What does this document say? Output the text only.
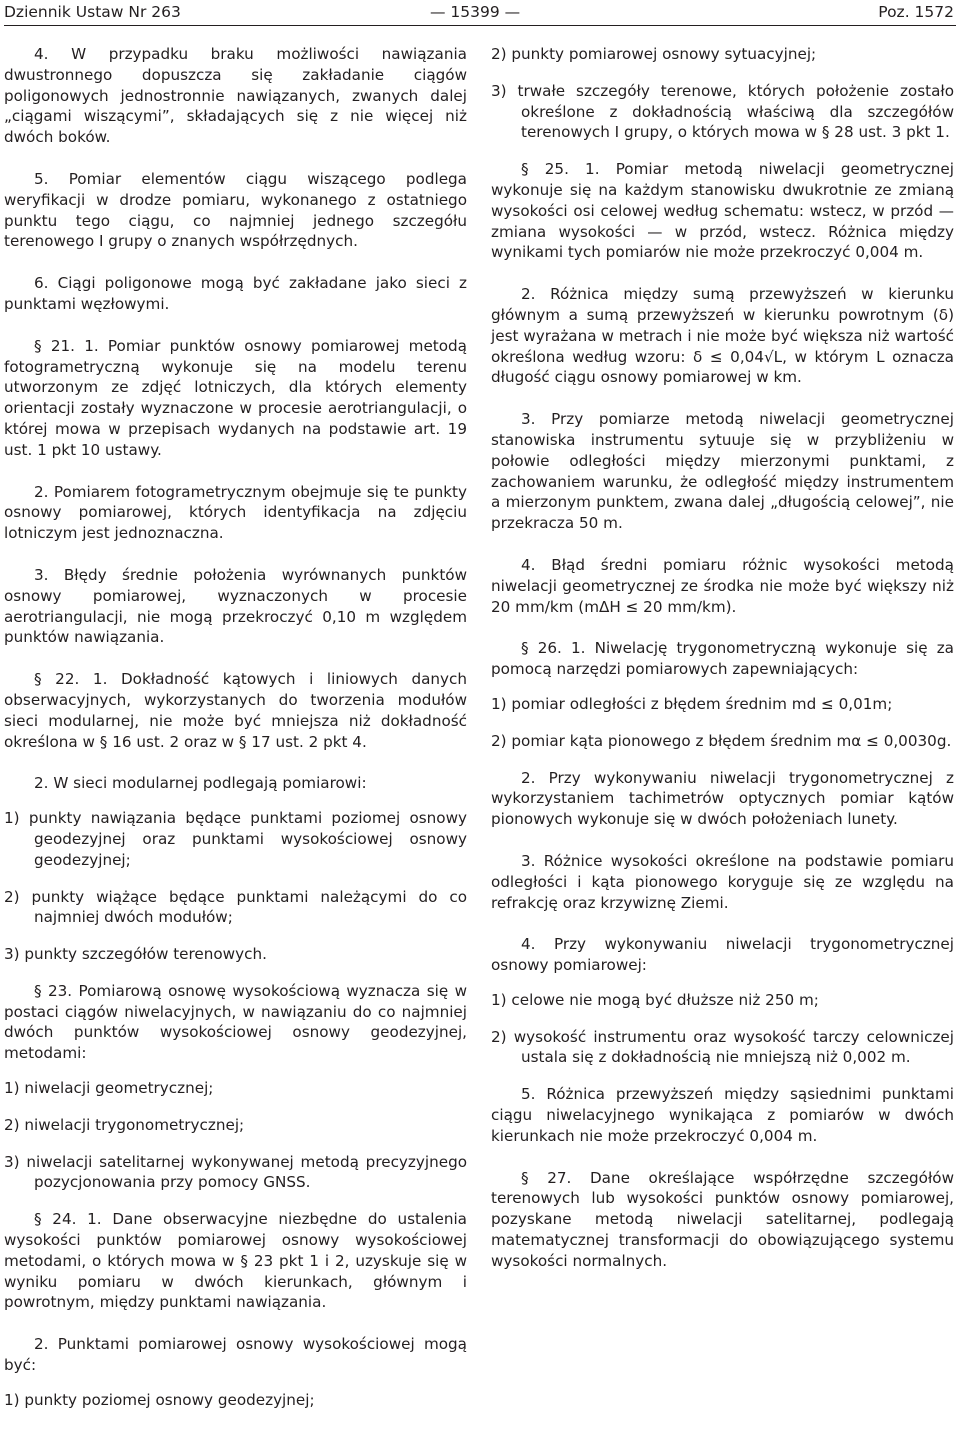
Dziennik Ustaw Nr 263	— 15399 —	Poz. 1572

4. W przypadku braku możliwości nawiązania dwustronnego dopuszcza się zakładanie ciągów poligonowych jednostronnie nawiązanych, zwanych dalej „ciągami wiszącymi”, składających się z nie więcej niż dwóch boków.

5. Pomiar elementów ciągu wiszącego podlega weryfikacji w drodze pomiaru, wykonanego z ostatniego punktu tego ciągu, co najmniej jednego szczegółu terenowego I grupy o znanych współrzędnych.

6. Ciągi poligonowe mogą być zakładane jako sieci z punktami węzłowymi.

§ 21. 1. Pomiar punktów osnowy pomiarowej metodą fotogrametryczną wykonuje się na modelu terenu utworzonym ze zdjęć lotniczych, dla których elementy orientacji zostały wyznaczone w procesie aerotriangulacji, o której mowa w przepisach wydanych na podstawie art. 19 ust. 1 pkt 10 ustawy.

2. Pomiarem fotogrametrycznym obejmuje się te punkty osnowy pomiarowej, których identyfikacja na zdjęciu lotniczym jest jednoznaczna.

3. Błędy średnie położenia wyrównanych punktów osnowy pomiarowej, wyznaczonych w procesie aerotriangulacji, nie mogą przekroczyć 0,10 m względem punktów nawiązania.

§ 22. 1. Dokładność kątowych i liniowych danych obserwacyjnych, wykorzystanych do tworzenia modułów sieci modularnej, nie może być mniejsza niż dokładność określona w § 16 ust. 2 oraz w § 17 ust. 2 pkt 4.

2. W sieci modularnej podlegają pomiarowi:

1) punkty nawiązania będące punktami poziomej osnowy geodezyjnej oraz punktami wysokościowej osnowy geodezyjnej;

2) punkty wiążące będące punktami należącymi do co najmniej dwóch modułów;

3) punkty szczegółów terenowych.

§ 23. Pomiarową osnowę wysokościową wyznacza się w postaci ciągów niwelacyjnych, w nawiązaniu do co najmniej dwóch punktów wysokościowej osnowy geodezyjnej, metodami:

1) niwelacji geometrycznej;

2) niwelacji trygonometrycznej;

3) niwelacji satelitarnej wykonywanej metodą precyzyjnego pozycjonowania przy pomocy GNSS.

§ 24. 1. Dane obserwacyjne niezbędne do ustalenia wysokości punktów pomiarowej osnowy wysokościowej metodami, o których mowa w § 23 pkt 1 i 2, uzyskuje się w wyniku pomiaru w dwóch kierunkach, głównym i powrotnym, między punktami nawiązania.

2. Punktami pomiarowej osnowy wysokościowej mogą być:

1) punkty poziomej osnowy geodezyjnej;

2) punkty pomiarowej osnowy sytuacyjnej;

3) trwałe szczegóły terenowe, których położenie zostało określone z dokładnością właściwą dla szczegółów terenowych I grupy, o których mowa w § 28 ust. 3 pkt 1.

§ 25. 1. Pomiar metodą niwelacji geometrycznej wykonuje się na każdym stanowisku dwukrotnie ze zmianą wysokości osi celowej według schematu: wstecz, w przód — zmiana wysokości — w przód, wstecz. Różnica między wynikami tych pomiarów nie może przekroczyć 0,004 m.

2. Różnica między sumą przewyższeń w kierunku głównym a sumą przewyższeń w kierunku powrotnym (δ) jest wyrażana w metrach i nie może być większa niż wartość określona według wzoru: δ ≤ 0,04√L, w którym L oznacza długość ciągu osnowy pomiarowej w km.

3. Przy pomiarze metodą niwelacji geometrycznej stanowiska instrumentu sytuuje się w przybliżeniu w połowie odległości między mierzonymi punktami, z zachowaniem warunku, że odległość między instrumentem a mierzonym punktem, zwana dalej „długością celowej”, nie przekracza 50 m.

4. Błąd średni pomiaru różnic wysokości metodą niwelacji geometrycznej ze środka nie może być większy niż 20 mm/km (mΔH ≤ 20 mm/km).

§ 26. 1. Niwelację trygonometryczną wykonuje się za pomocą narzędzi pomiarowych zapewniających:

1) pomiar odległości z błędem średnim md ≤ 0,01m;

2) pomiar kąta pionowego z błędem średnim mα ≤ 0,0030g.

2. Przy wykonywaniu niwelacji trygonometrycznej z wykorzystaniem tachimetrów optycznych pomiar kątów pionowych wykonuje się w dwóch położeniach lunety.

3. Różnice wysokości określone na podstawie pomiaru odległości i kąta pionowego koryguje się ze względu na refrakcję oraz krzywiznę Ziemi.

4. Przy wykonywaniu niwelacji trygonometrycznej osnowy pomiarowej:

1) celowe nie mogą być dłuższe niż 250 m;

2) wysokość instrumentu oraz wysokość tarczy celowniczej ustala się z dokładnością nie mniejszą niż 0,002 m.

5. Różnica przewyższeń między sąsiednimi punktami ciągu niwelacyjnego wynikająca z pomiarów w dwóch kierunkach nie może przekroczyć 0,004 m.

§ 27. Dane określające współrzędne szczegółów terenowych lub wysokości punktów osnowy pomiarowej, pozyskane metodą niwelacji satelitarnej, podlegają matematycznej transformacji do obowiązującego systemu wysokości normalnych.
